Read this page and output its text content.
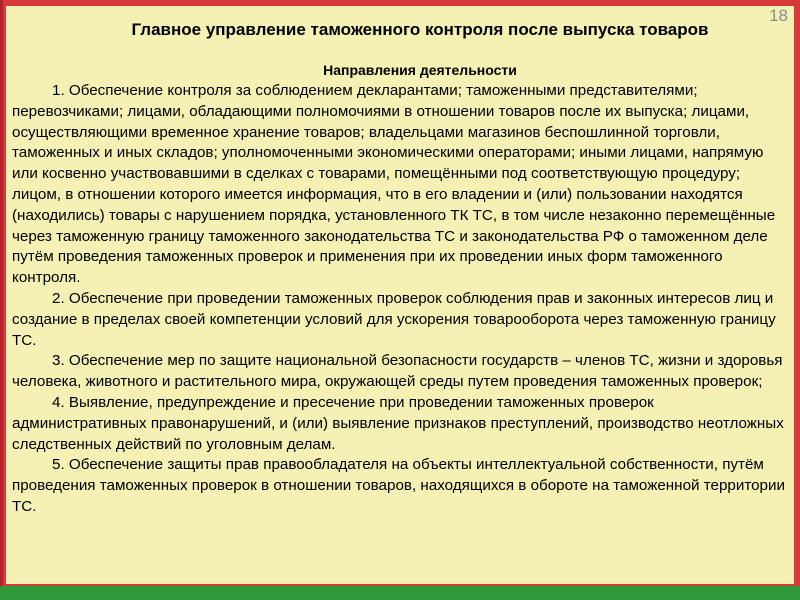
18
Главное управление таможенного контроля после выпуска товаров
Направления деятельности

1. Обеспечение контроля за соблюдением декларантами; таможенными представителями; перевозчиками; лицами, обладающими полномочиями в отношении товаров после их выпуска; лицами, осуществляющими временное хранение товаров; владельцами магазинов беспошлинной торговли, таможенных и иных складов; уполномоченными экономическими операторами; иными лицами, напрямую или косвенно участвовавшими в сделках с товарами, помещёнными под соответствующую процедуру; лицом, в отношении которого имеется информация, что в его владении и (или) пользовании находятся (находились) товары с нарушением порядка, установленного ТК ТС, в том числе незаконно перемещённые через таможенную границу таможенного законодательства ТС и законодательства РФ о таможенном деле путём проведения таможенных проверок и применения при их проведении иных форм таможенного контроля.

2. Обеспечение при проведении таможенных проверок соблюдения прав и законных интересов лиц и создание в пределах своей компетенции условий для ускорения товарооборота через таможенную границу ТС.

3. Обеспечение мер по защите национальной безопасности государств – членов ТС, жизни и здоровья человека, животного и растительного мира, окружающей среды путем проведения таможенных проверок;

4. Выявление, предупреждение и пресечение при проведении таможенных проверок административных правонарушений, и (или) выявление признаков преступлений, производство неотложных следственных действий по уголовным делам.

5. Обеспечение защиты прав правообладателя на объекты интеллектуальной собственности, путём проведения таможенных проверок в отношении товаров, находящихся в обороте на таможенной территории ТС.
